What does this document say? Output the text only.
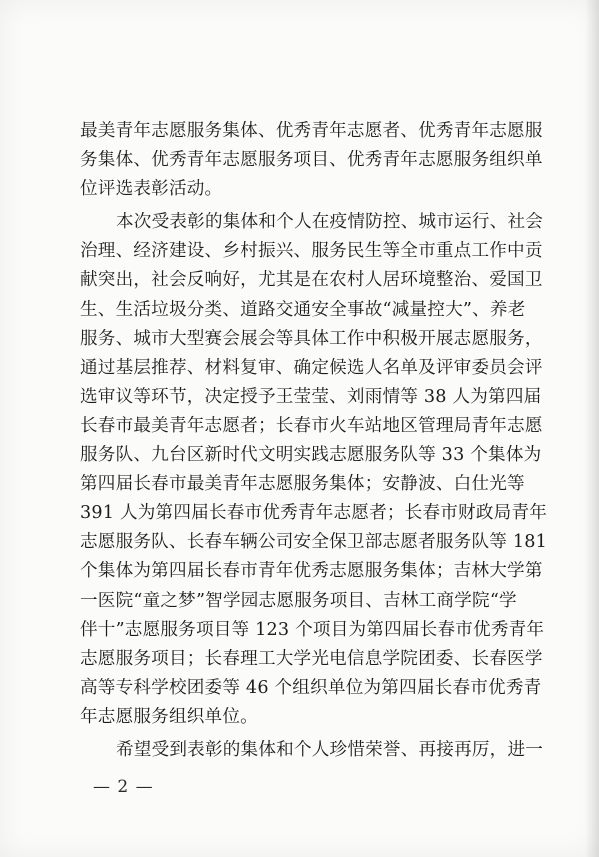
最美青年志愿服务集体、优秀青年志愿者、优秀青年志愿服
务集体、优秀青年志愿服务项目、优秀青年志愿服务组织单
位评选表彰活动。
本次受表彰的集体和个人在疫情防控、城市运行、社会
治理、经济建设、乡村振兴、服务民生等全市重点工作中贡
献突出，社会反响好，尤其是在农村人居环境整治、爱国卫
生、生活垃圾分类、道路交通安全事故“减量控大”、养老
服务、城市大型赛会展会等具体工作中积极开展志愿服务，
通过基层推荐、材料复审、确定候选人名单及评审委员会评
选审议等环节，决定授予王莹莹、刘雨情等 38 人为第四届
长春市最美青年志愿者；长春市火车站地区管理局青年志愿
服务队、九台区新时代文明实践志愿服务队等 33 个集体为
第四届长春市最美青年志愿服务集体；安静波、白仕光等
391 人为第四届长春市优秀青年志愿者；长春市财政局青年
志愿服务队、长春车辆公司安全保卫部志愿者服务队等 181
个集体为第四届长春市青年优秀志愿服务集体；吉林大学第
一医院“童之梦”智学园志愿服务项目、吉林工商学院“学
伴十”志愿服务项目等 123 个项目为第四届长春市优秀青年
志愿服务项目；长春理工大学光电信息学院团委、长春医学
高等专科学校团委等 46 个组织单位为第四届长春市优秀青
年志愿服务组织单位。
希望受到表彰的集体和个人珍惜荣誉、再接再厉，进一
— 2 —
